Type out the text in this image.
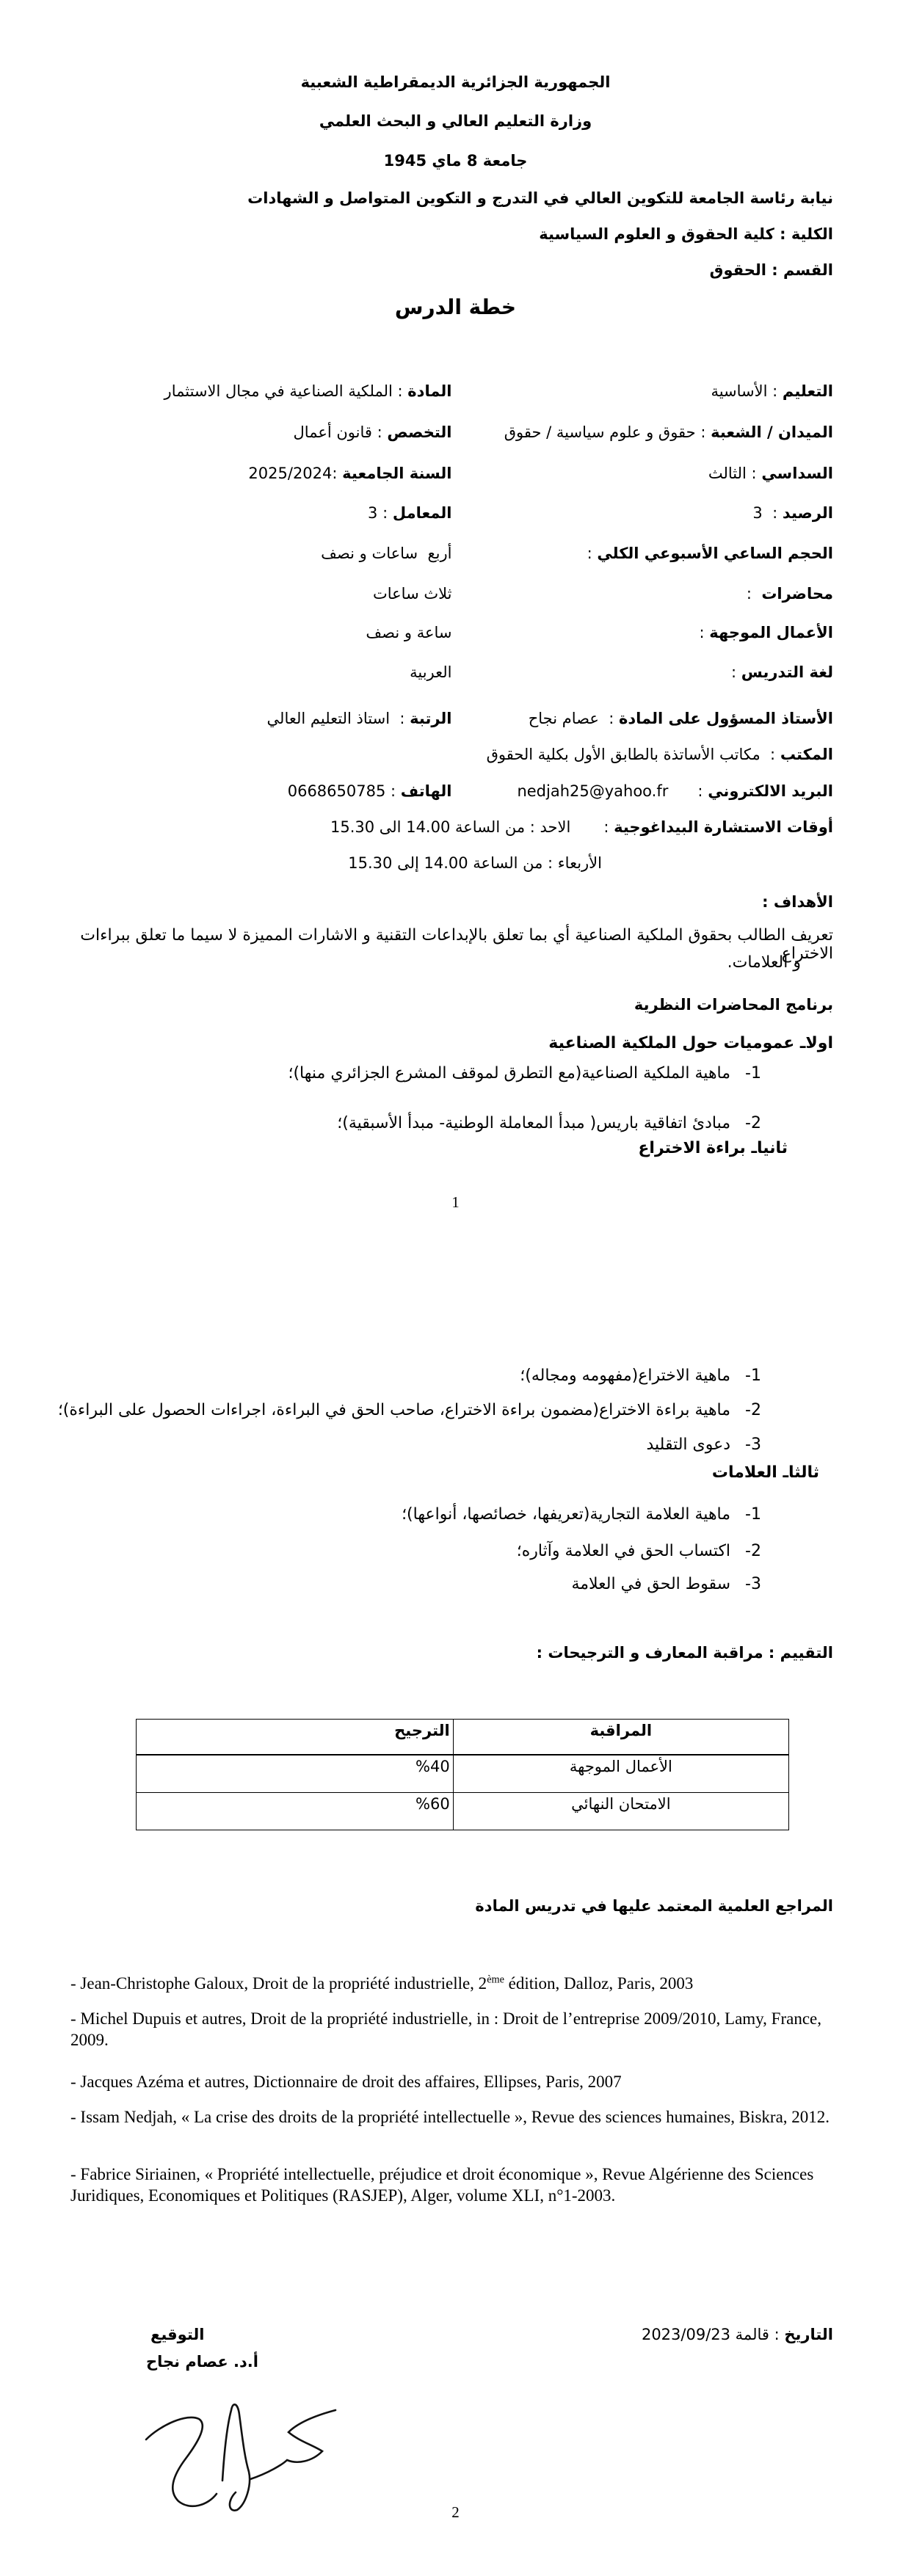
الجمهورية الجزائرية الديمقراطية الشعبية
وزارة التعليم العالي و البحث العلمي
جامعة 8 ماي 1945
نيابة رئاسة الجامعة للتكوين العالي في التدرج و التكوين المتواصل و الشهادات
الكلية : كلية الحقوق و العلوم السياسية
القسم : الحقوق
خطة الدرس
التعليم : الأساسية
المادة : الملكية الصناعية في مجال الاستثمار
الميدان / الشعبة : حقوق و علوم سياسية / حقوق
التخصص : قانون أعمال
السداسي : الثالث
السنة الجامعية :2025/2024
الرصيد :  3
المعامل : 3
الحجم الساعي الأسبوعي الكلي :
أربع  ساعات و نصف
محاضرات  :
ثلاث ساعات
الأعمال الموجهة :
ساعة و نصف
لغة التدريس :
العربية
الأستاذ المسؤول على المادة :  عصام نجاح
الرتبة :  استاذ التعليم العالي
المكتب :  مكاتب الأساتذة بالطابق الأول بكلية الحقوق
البريد الالكتروني :      nedjah25@yahoo.fr
الهاتف : 0668650785
أوقات الاستشارة البيداغوجية :الاحد : من الساعة 14.00 الى 15.30
الأربعاء : من الساعة 14.00 إلى 15.30
الأهداف :
تعريف الطالب بحقوق الملكية الصناعية أي بما تعلق بالإبداعات التقنية و الاشارات المميزة لا سيما ما تعلق ببراءات الاختراع
و العلامات.
برنامج المحاضرات النظرية
اولاـ عموميات حول الملكية الصناعية
1-
ماهية الملكية الصناعية(مع التطرق لموقف المشرع الجزائري منها)؛
2-
مبادئ اتفاقية باريس( مبدأ المعاملة الوطنية- مبدأ الأسبقية)؛
ثانياـ براءة الاختراع
1
1-
ماهية الاختراع(مفهومه ومجاله)؛
2-
ماهية براءة الاختراع(مضمون براءة الاختراع، صاحب الحق في البراءة، اجراءات الحصول على البراءة)؛
3-
دعوى التقليد
ثالثاـ العلامات
1-
ماهية العلامة التجارية(تعريفها، خصائصها، أنواعها)؛
2-
اكتساب الحق في العلامة وآثاره؛
3-
سقوط الحق في العلامة
التقييم : مراقبة المعارف و الترجيحات :
المراقبة	الترجيح
الأعمال الموجهة	%40
الامتحان النهائي	%60
المراجع العلمية المعتمد عليها في تدريس المادة
- Jean-Christophe Galoux, Droit de la propriété industrielle, 2ème édition, Dalloz, Paris, 2003
- Michel Dupuis et autres, Droit de la propriété industrielle, in : Droit de l’entreprise 2009/2010, Lamy, France, 2009.
- Jacques Azéma et autres, Dictionnaire de droit des affaires, Ellipses, Paris, 2007
- Issam Nedjah, « La crise des droits de la propriété intellectuelle », Revue des sciences humaines, Biskra, 2012.
- Fabrice Siriainen, « Propriété intellectuelle, préjudice et droit économique », Revue Algérienne des Sciences Juridiques, Economiques et Politiques (RASJEP), Alger, volume XLI, n°1-2003.
التاريخ : قالمة 2023/09/23
التوقيع
أ.د. عصام نجاح
2
